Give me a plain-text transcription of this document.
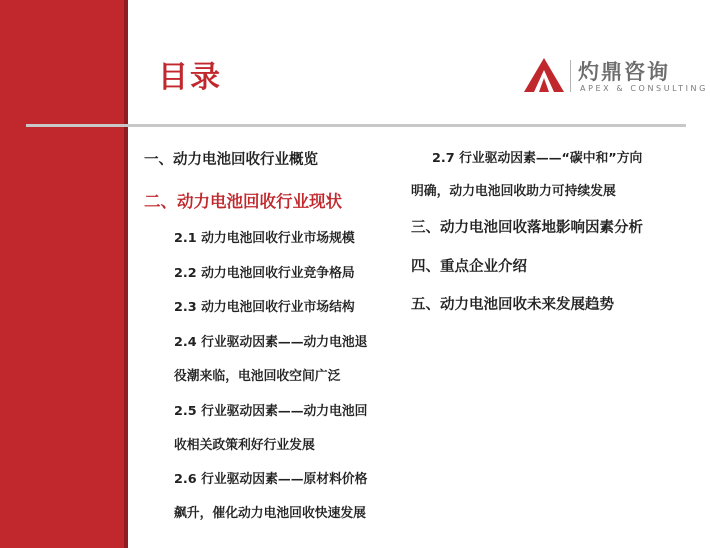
目录	灼鼎咨询
APEX & CONSULTING
一、动力电池回收行业概览
二、动力电池回收行业现状
2.1 动力电池回收行业市场规模
2.2 动力电池回收行业竞争格局
2.3 动力电池回收行业市场结构
2.4 行业驱动因素——动力电池退
役潮来临，电池回收空间广泛
2.5 行业驱动因素——动力电池回
收相关政策利好行业发展
2.6 行业驱动因素——原材料价格
飙升，催化动力电池回收快速发展
2.7 行业驱动因素——“碳中和”方向
明确，动力电池回收助力可持续发展
三、动力电池回收落地影响因素分析
四、重点企业介绍
五、动力电池回收未来发展趋势
